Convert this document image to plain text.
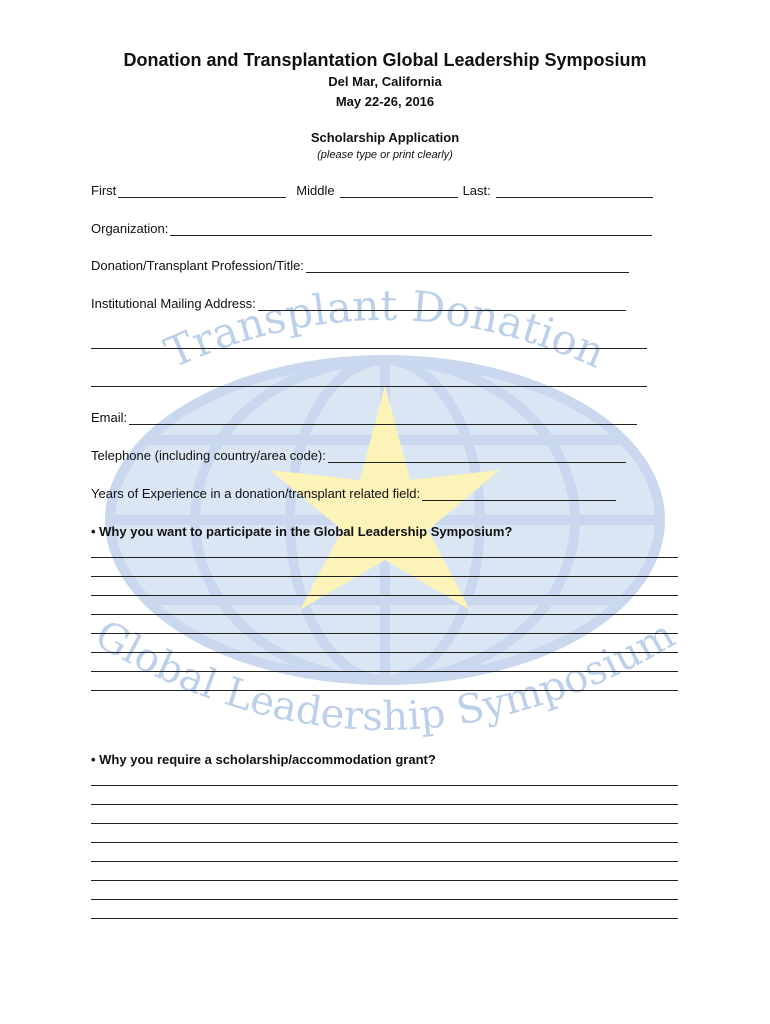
Transplant Donation
Global Leadership Symposium
Donation and Transplantation Global Leadership Symposium
Del Mar, California
May 22-26, 2016
Scholarship Application
(please type or print clearly)
First	Middle	Last:
Organization:
Donation/Transplant Profession/Title:
Institutional Mailing Address:
Email:
Telephone (including country/area code):
Years of Experience in a donation/transplant related field:
• Why you want to participate in the Global Leadership Symposium?
• Why you require a scholarship/accommodation grant?
